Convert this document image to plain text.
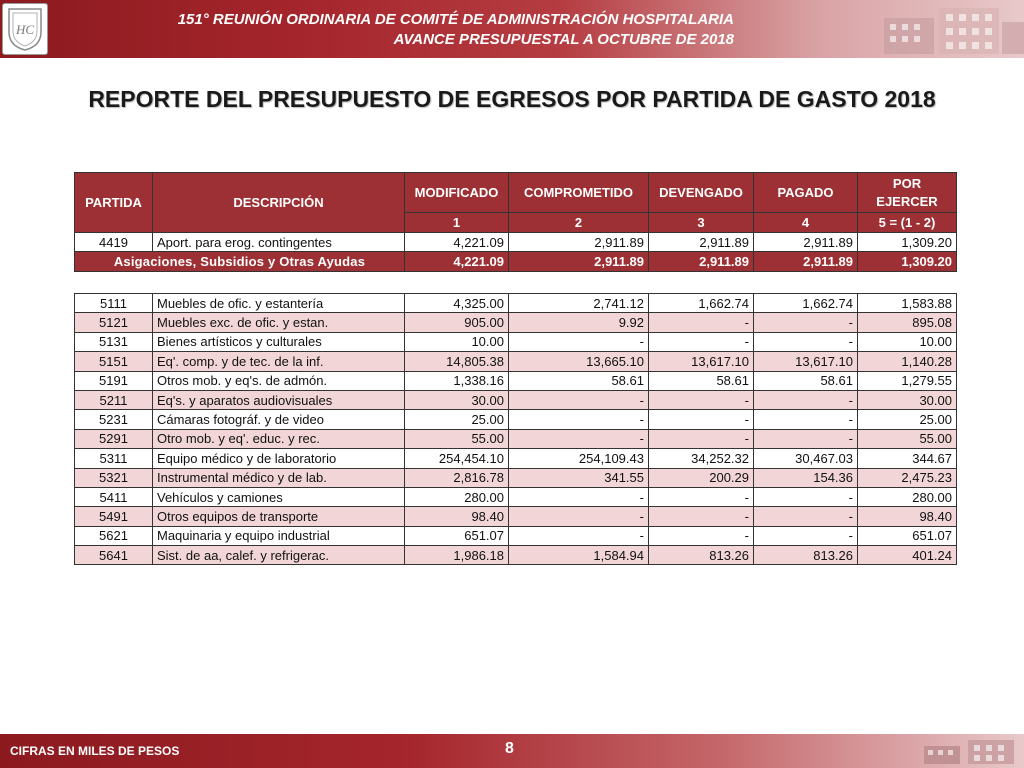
HC
151° REUNIÓN ORDINARIA DE COMITÉ DE ADMINISTRACIÓN HOSPITALARIA
AVANCE PRESUPUESTAL A OCTUBRE DE 2018
REPORTE DEL PRESUPUESTO DE EGRESOS POR PARTIDA DE GASTO 2018
PARTIDA	DESCRIPCIÓN	MODIFICADO	COMPROMETIDO	DEVENGADO	PAGADO	POR EJERCER
		1	2	3	4	5 = (1 - 2)
4419	Aport. para erog. contingentes	4,221.09	2,911.89	2,911.89	2,911.89	1,309.20
Asigaciones, Subsidios y Otras Ayudas		4,221.09	2,911.89	2,911.89	2,911.89	1,309.20
5111	Muebles de ofic. y estantería	4,325.00	2,741.12	1,662.74	1,662.74	1,583.88
5121	Muebles exc. de ofic. y estan.	905.00	9.92	-	-	895.08
5131	Bienes artísticos y culturales	10.00	-	-	-	10.00
5151	Eq'. comp. y de tec. de la inf.	14,805.38	13,665.10	13,617.10	13,617.10	1,140.28
5191	Otros mob. y eq's. de admón.	1,338.16	58.61	58.61	58.61	1,279.55
5211	Eq's. y aparatos audiovisuales	30.00	-	-	-	30.00
5231	Cámaras fotográf. y de video	25.00	-	-	-	25.00
5291	Otro mob. y eq'. educ. y rec.	55.00	-	-	-	55.00
5311	Equipo médico y de laboratorio	254,454.10	254,109.43	34,252.32	30,467.03	344.67
5321	Instrumental médico y de lab.	2,816.78	341.55	200.29	154.36	2,475.23
5411	Vehículos y camiones	280.00	-	-	-	280.00
5491	Otros equipos de transporte	98.40	-	-	-	98.40
5621	Maquinaria y equipo industrial	651.07	-	-	-	651.07
5641	Sist. de aa, calef. y refrigerac.	1,986.18	1,584.94	813.26	813.26	401.24
CIFRAS EN MILES DE PESOS	8
